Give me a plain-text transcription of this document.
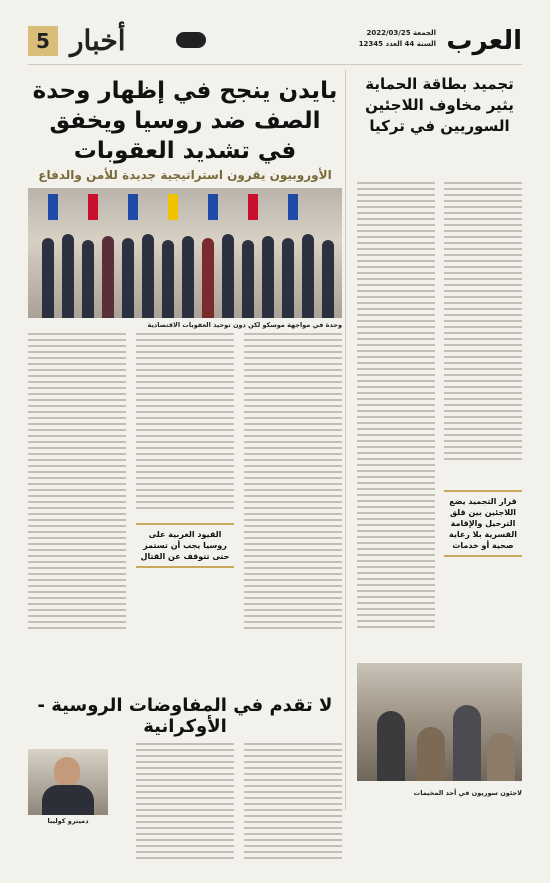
العرب
الجمعة 2022/03/25
السنة 44 العدد 12345
5 أخبار
تجميد بطاقة الحماية يثير مخاوف اللاجئين السوريين في تركيا
قرار التجميد يضع اللاجئين بين قلق الترحيل والإقامة القسرية بلا رعاية صحية أو خدمات
لاجئون سوريون في أحد المخيمات
بايدن ينجح في إظهار وحدة الصف ضد روسيا ويخفق في تشديد العقوبات
الأوروبيون يقرون استراتيجية جديدة للأمن والدفاع
وحدة في مواجهة موسكو لكن دون توحيد العقوبات الاقتصادية
القيود الغربية على روسيا يجب أن تستمر حتى تتوقف عن القتال
لا تقدم في المفاوضات الروسية - الأوكرانية
دميترو كوليبا
